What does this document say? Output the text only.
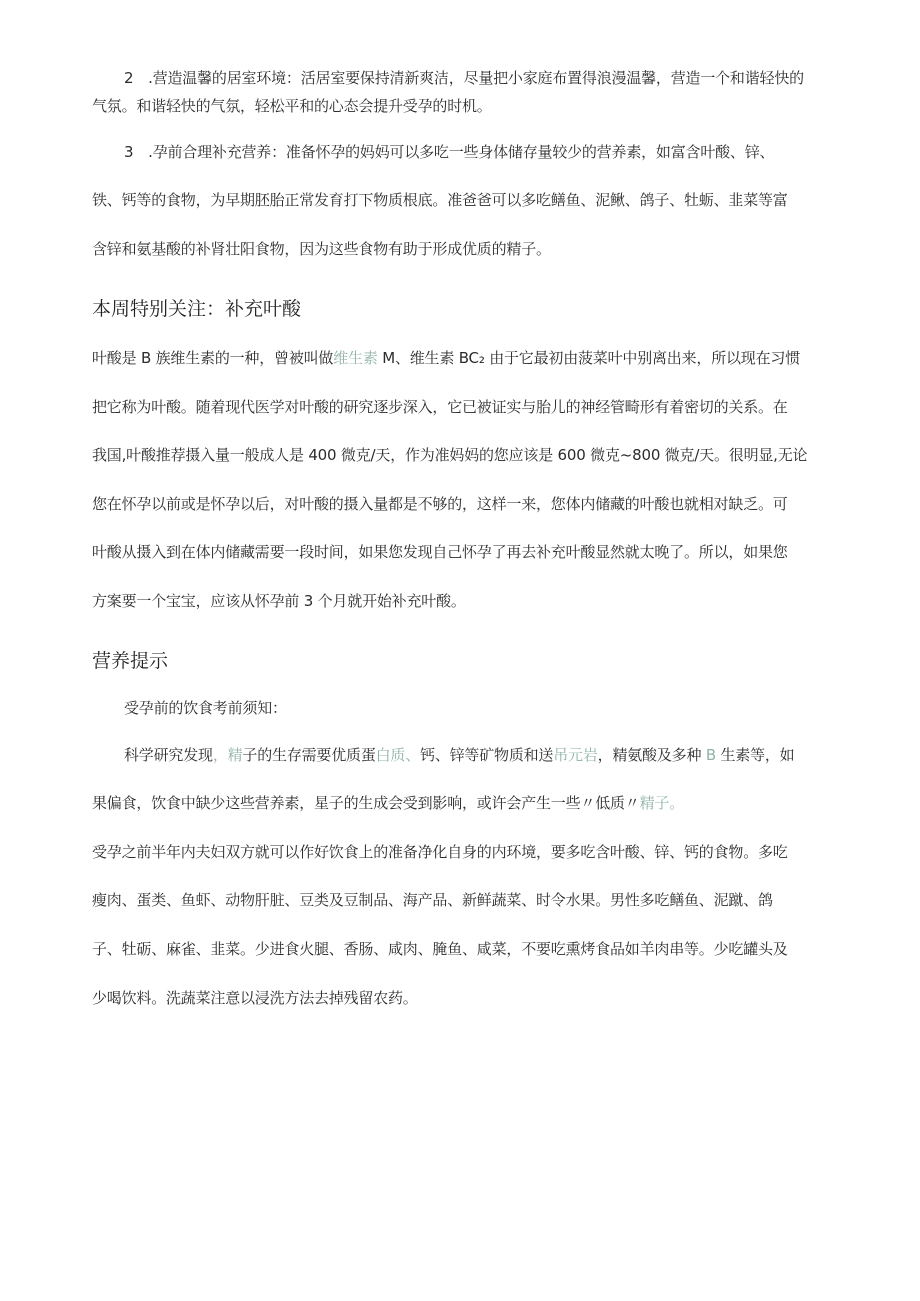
2　.营造温馨的居室环境：活居室要保持清新爽洁，尽量把小家庭布置得浪漫温馨，营造一个和谐轻快的
气氛。和谐轻快的气氛，轻松平和的心态会提升受孕的时机。
3　.孕前合理补充营养：准备怀孕的妈妈可以多吃一些身体储存量较少的营养素，如富含叶酸、锌、
铁、钙等的食物，为早期胚胎正常发育打下物质根底。准爸爸可以多吃鳝鱼、泥鳅、鸽子、牡蛎、韭菜等富
含锌和氨基酸的补肾壮阳食物，因为这些食物有助于形成优质的精子。
本周特别关注：补充叶酸
叶酸是 B 族维生素的一种，曾被叫做维生素 M、维生素 BC₂ 由于它最初由菠菜叶中别离出来，所以现在习惯
把它称为叶酸。随着现代医学对叶酸的研究逐步深入，它已被证实与胎儿的神经管畸形有着密切的关系。在
我国,叶酸推荐摄入量一般成人是 400 微克/天，作为准妈妈的您应该是 600 微克~800 微克/天。很明显,无论
您在怀孕以前或是怀孕以后，对叶酸的摄入量都是不够的，这样一来，您体内储藏的叶酸也就相对缺乏。可
叶酸从摄入到在体内储藏需要一段时间，如果您发现自己怀孕了再去补充叶酸显然就太晚了。所以，如果您
方案要一个宝宝，应该从怀孕前 3 个月就开始补充叶酸。
营养提示
受孕前的饮食考前须知：
科学研究发现，精子的生存需要优质蛋白质、钙、锌等矿物质和送吊元岩，精氨酸及多种 B 生素等，如
果偏食，饮食中缺少这些营养素，星子的生成会受到影响，或许会产生一些〃低质〃精子。
受孕之前半年内夫妇双方就可以作好饮食上的准备净化自身的内环境，要多吃含叶酸、锌、钙的食物。多吃
瘦肉、蛋类、鱼虾、动物肝脏、豆类及豆制品、海产品、新鲜蔬菜、时令水果。男性多吃鳝鱼、泥蹴、鸽
子、牡砺、麻雀、韭菜。少进食火腿、香肠、咸肉、腌鱼、咸菜，不要吃熏烤食品如羊肉串等。少吃罐头及
少喝饮料。洗蔬菜注意以浸洗方法去掉残留农药。
